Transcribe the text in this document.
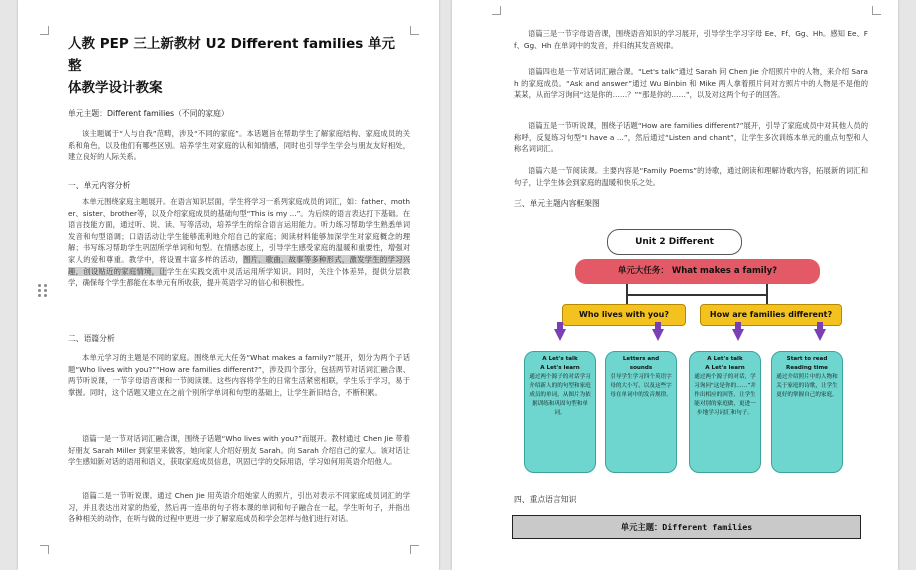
人教 PEP 三上新教材 U2 Different families 单元整
体教学设计教案
单元主题：Different families（不同的家庭）
该主题属于“人与自我”范畴，涉及“不同的家庭”。本话题旨在帮助学生了解家庭结构、家庭成员的关系和角色，以及他们有哪些区别。培养学生对家庭的认和知情感，同时也引导学生学会与朋友友好相处，建立良好的人际关系。
一、单元内容分析
本单元围绕家庭主题展开。在语言知识层面，学生将学习一系列家庭成员的词汇，如：father、mother、sister、brother等，以及介绍家庭成员的基础句型“This is my ...”。为后续的语言表达打下基础。在语言技能方面，通过听、说、读、写等活动，培养学生的综合语言运用能力。听力练习帮助学生熟悉单词发音和句型语调；口语活动让学生能够流利地介绍自己的家庭；阅读材料能够加深学生对家庭概念的理解；书写练习帮助学生巩固所学单词和句型。在情感态度上，引导学生感受家庭的温暖和重要性，增强对家人的爱和尊重。教学中，将设置丰富多样的活动，图片、歌曲、故事等多种形式，激发学生的学习兴趣，创设贴近的家庭情境，让学生在实践交流中灵活运用所学知识。同时，关注个体差异，提供分层教学，确保每个学生都能在本单元有所收获，提升英语学习的信心和积极性。
二、语篇分析
本单元学习的主题是不同的家庭。围绕单元大任务“What makes a family?”展开，划分为两个子话题“Who lives with you?”“How are families different?”，涉及四个部分，包括两节对话词汇融合课、两节听说课，一节字母语音课和一节阅读课。这些内容将学生的日常生活紧密相联，学生乐于学习，易于掌握。同时，这个话题又建立在之前个别所学单词和句型的基础上，让学生新旧结合，不断积累。
语篇一是一节对话词汇融合课，围绕子话题“Who lives with you?”而展开。教材通过 Chen Jie 带着好朋友 Sarah Miller 到家里来做客，她向家人介绍好朋友 Sarah。向 Sarah 介绍自己的家人。该对话让学生感知新对话的语用和语义，获取家庭成员信息，巩固已学的交际用语，学习如何用英语介绍他人。
语篇二是一节听说课。通过 Chen Jie 用英语介绍她家人的照片，引出对表示不同家庭成员词汇的学习，并且表达出对家的热爱，然后再一连串的句子将本课的单词和句子融合在一起，学生听句子，并指出各种相关的动作，在听与做的过程中更进一步了解家庭成员和学会怎样与他们进行对话。
语篇三是一节字母语音课，围绕语音知识的学习展开，引导学生学习字母 Ee、Ff、Gg、Hh。感知 Ee、Ff、Gg、Hh 在单词中的发音，并归纳其发音规律。
语篇四也是一节对话词汇融合课。“Let's talk”通过 Sarah 问 Chen Jie 介绍照片中的人物，来介绍 Sarah 的家庭成员。“Ask and answer”通过 Wu Binbin 和 Mike 两人拿着照片问对方照片中的人物是不是他的某某，从而学习询问“这是你的……？”“那是你的……”，以及对这两个句子的回答。
语篇五是一节听说课，围绕子话题“How are families different?”展开，引导了家庭成员中对其他人员的称呼，反复练习句型“I have a ...”，然后通过“Listen and chant”，让学生多次训练本单元的重点句型和人称名词词汇。
语篇六是一节阅读课。主要内容是“Family Poems”的诗歌，通过朗读和理解诗歌内容，拓展新的词汇和句子，让学生体会到家庭的温暖和快乐之处。
三、单元主题内容框架图
Unit 2 Different
单元大任务： What makes a family?
Who lives with you?	How are families different?
A Let's talk
A Let's learn
通过两个源子的对话学习介绍新人的的句型和家庭成员的单词，从图片为依据训练和巩固句型和单词。
Letters and
sounds
引导学生学习四个英语字母的大小写，以及这些字母在单词中的发音规律。
A Let's talk
A Let's learn
通过两个源子的对话，学习询问“这是你的……”并作出相应的回答，让学生能对别的家庭做，更进一步地学习词汇和句子。
Start to read
Reading time
通过介绍照片中的人物和关于家庭的诗歌，让学生更好的掌握自己的家庭。
四、重点语言知识
单元主题：Different families
